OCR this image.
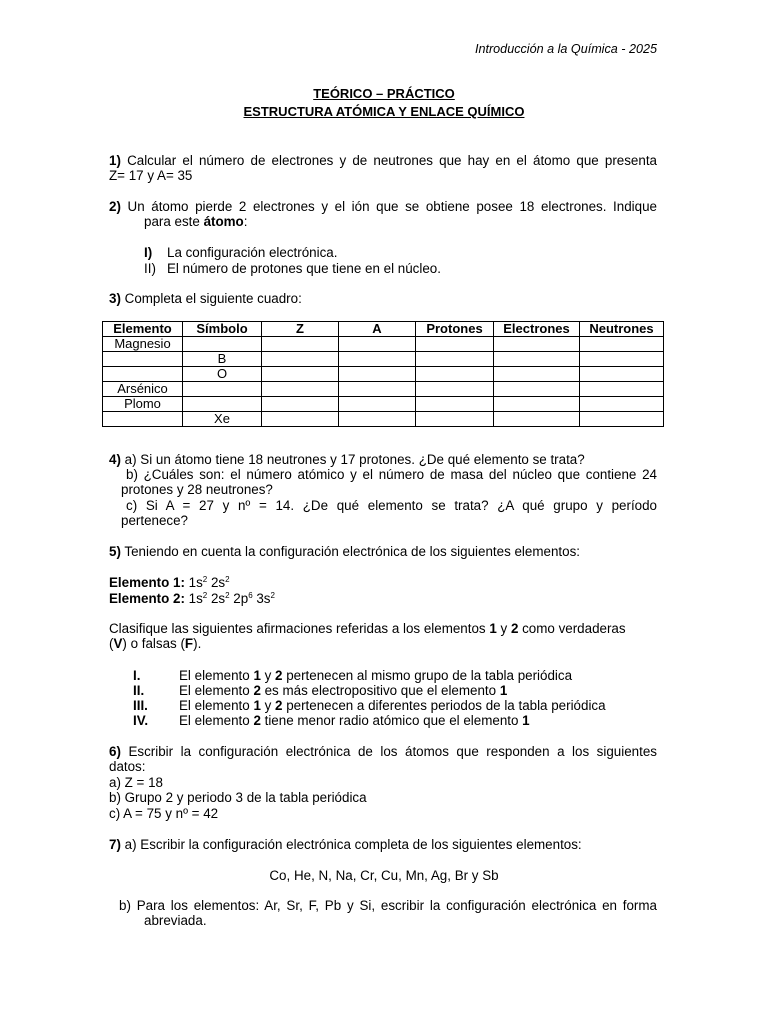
Introducción a la Química - 2025
TEÓRICO – PRÁCTICO
ESTRUCTURA ATÓMICA Y ENLACE QUÍMICO
1) Calcular el número de electrones y de neutrones que hay en el átomo que presenta
Z= 17 y A= 35
2) Un átomo pierde 2 electrones y el ión que se obtiene posee 18 electrones. Indique
para este átomo:
I) La configuración electrónica.
II) El número de protones que tiene en el núcleo.
3) Completa el siguiente cuadro:
Elemento	Símbolo	Z	A	Protones	Electrones	Neutrones
Magnesio						
	B					
	O					
Arsénico						
Plomo						
	Xe					
4) a) Si un átomo tiene 18 neutrones y 17 protones. ¿De qué elemento se trata?
b) ¿Cuáles son: el número atómico y el número de masa del núcleo que contiene 24
protones y 28 neutrones?
c) Si A = 27 y nº = 14. ¿De qué elemento se trata? ¿A qué grupo y período
pertenece?
5) Teniendo en cuenta la configuración electrónica de los siguientes elementos:
Elemento 1: $1s^2$ $2s^2$
Elemento 2: $1s^2$ $2s^2$ $2p^6$ $3s^2$
Clasifique las siguientes afirmaciones referidas a los elementos 1 y 2 como verdaderas
(V) o falsas (F).
I.	El elemento 1 y 2 pertenecen al mismo grupo de la tabla periódica
II.	El elemento 2 es más electropositivo que el elemento 1
III. El elemento 1 y 2 pertenecen a diferentes periodos de la tabla periódica
IV. El elemento 2 tiene menor radio atómico que el elemento 1
6) Escribir la configuración electrónica de los átomos que responden a los siguientes
datos:
a) Z = 18
b) Grupo 2 y periodo 3 de la tabla periódica
c) A = 75 y nº = 42
7) a) Escribir la configuración electrónica completa de los siguientes elementos:
Co, He, N, Na, Cr, Cu, Mn, Ag, Br y Sb
b) Para los elementos: Ar, Sr, F, Pb y Si, escribir la configuración electrónica en forma
abreviada.
